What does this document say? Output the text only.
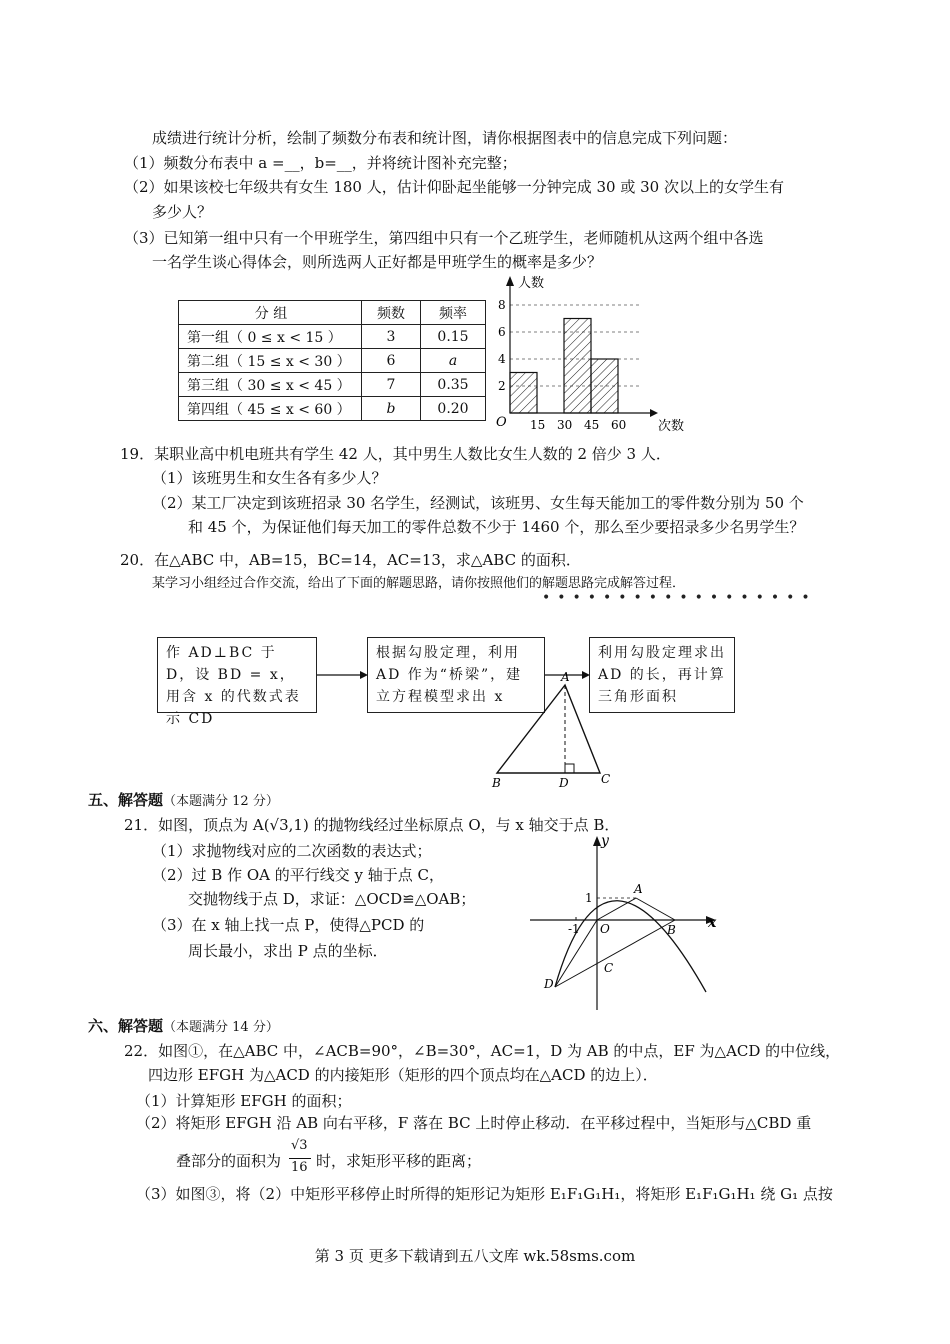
成绩进行统计分析，绘制了频数分布表和统计图，请你根据图表中的信息完成下列问题：
（1）频数分布表中 a =__，b=__，并将统计图补充完整；
（2）如果该校七年级共有女生 180 人，估计仰卧起坐能够一分钟完成 30 或 30 次以上的女学生有
多少人？
（3）已知第一组中只有一个甲班学生，第四组中只有一个乙班学生，老师随机从这两个组中各选
一名学生谈心得体会，则所选两人正好都是甲班学生的概率是多少？
分 组	频数	频率
第一组（ 0 ≤ x < 15 ）	3	0.15
第二组（ 15 ≤ x < 30 ）	6	a
第三组（ 30 ≤ x < 45 ）	7	0.35
第四组（ 45 ≤ x < 60 ）	b	0.20
人数
次数
O 15 30 45 60
2
4
6
8
19．某职业高中机电班共有学生 42 人，其中男生人数比女生人数的 2 倍少 3 人．
（1）该班男生和女生各有多少人？
（2）某工厂决定到该班招录 30 名学生，经测试，该班男、女生每天能加工的零件数分别为 50 个
和 45 个，为保证他们每天加工的零件总数不少于 1460 个，那么至少要招录多少名男学生？
20．在△ABC 中，AB=15，BC=14，AC=13，求△ABC 的面积．
某学习小组经过合作交流，给出了下面的解题思路，请你按照他们的解题思路完成解答过程．
••••••••••••••••••
作 AD⊥BC 于 D，设 BD = x，用含 x 的代数式表示 CD
根据勾股定理，利用 AD 作为“桥梁”，建立方程模型求出 x
利用勾股定理求出 AD 的长，再计算三角形面积
A
B	D	C
五、解答题（本题满分 12 分）
21．如图，顶点为 A(√3,1) 的抛物线经过坐标原点 O，与 x 轴交于点 B．
（1）求抛物线对应的二次函数的表达式；
（2）过 B 作 OA 的平行线交 y 轴于点 C，
交抛物线于点 D，求证：△OCD≌△OAB；
（3）在 x 轴上找一点 P，使得△PCD 的
周长最小，求出 P 点的坐标．
y
x
1
-1 O
A
B
C
D
六、解答题（本题满分 14 分）
22．如图①，在△ABC 中，∠ACB=90°，∠B=30°，AC=1，D 为 AB 的中点，EF 为△ACD 的中位线，
四边形 EFGH 为△ACD 的内接矩形（矩形的四个顶点均在△ACD 的边上）．
（1）计算矩形 EFGH 的面积；
（2）将矩形 EFGH 沿 AB 向右平移，F 落在 BC 上时停止移动．在平移过程中，当矩形与△CBD 重
叠部分的面积为
√3
16 时，求矩形平移的距离；
（3）如图③，将（2）中矩形平移停止时所得的矩形记为矩形 E₁F₁G₁H₁，将矩形 E₁F₁G₁H₁ 绕 G₁ 点按
第 3 页 更多下载请到五八文库 wk.58sms.com
